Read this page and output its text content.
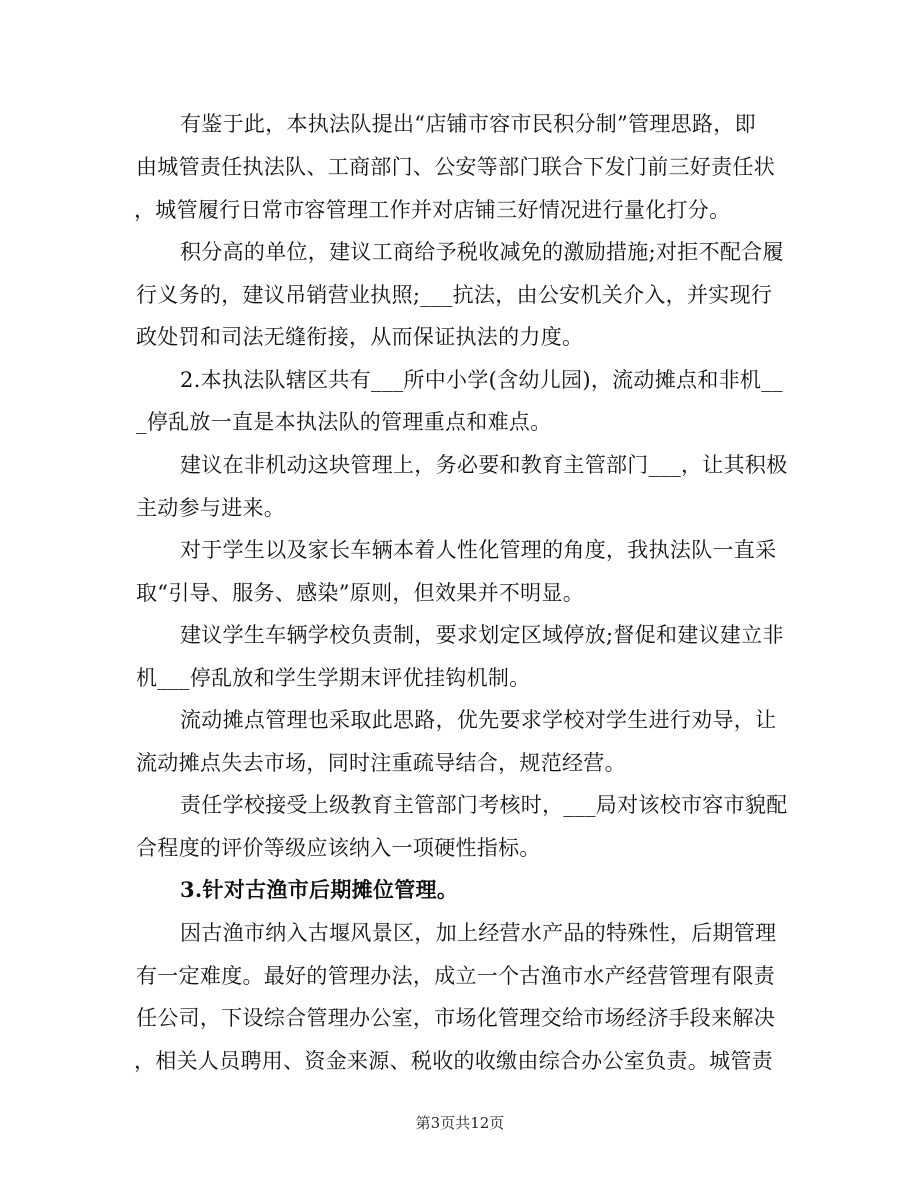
有鉴于此，本执法队提出“店铺市容市民积分制”管理思路，即
由城管责任执法队、工商部门、公安等部门联合下发门前三好责任状
，城管履行日常市容管理工作并对店铺三好情况进行量化打分。
积分高的单位，建议工商给予税收减免的激励措施;对拒不配合履
行义务的，建议吊销营业执照;___抗法，由公安机关介入，并实现行
政处罚和司法无缝衔接，从而保证执法的力度。
2.本执法队辖区共有___所中小学(含幼儿园)，流动摊点和非机__
_停乱放一直是本执法队的管理重点和难点。
建议在非机动这块管理上，务必要和教育主管部门___，让其积极
主动参与进来。
对于学生以及家长车辆本着人性化管理的角度，我执法队一直采
取“引导、服务、感染”原则，但效果并不明显。
建议学生车辆学校负责制，要求划定区域停放;督促和建议建立非
机___停乱放和学生学期末评优挂钩机制。
流动摊点管理也采取此思路，优先要求学校对学生进行劝导，让
流动摊点失去市场，同时注重疏导结合，规范经营。
责任学校接受上级教育主管部门考核时，___局对该校市容市貌配
合程度的评价等级应该纳入一项硬性指标。
3.针对古渔市后期摊位管理。
因古渔市纳入古堰风景区，加上经营水产品的特殊性，后期管理
有一定难度。最好的管理办法，成立一个古渔市水产经营管理有限责
任公司，下设综合管理办公室，市场化管理交给市场经济手段来解决
，相关人员聘用、资金来源、税收的收缴由综合办公室负责。城管责
第3页共12页
